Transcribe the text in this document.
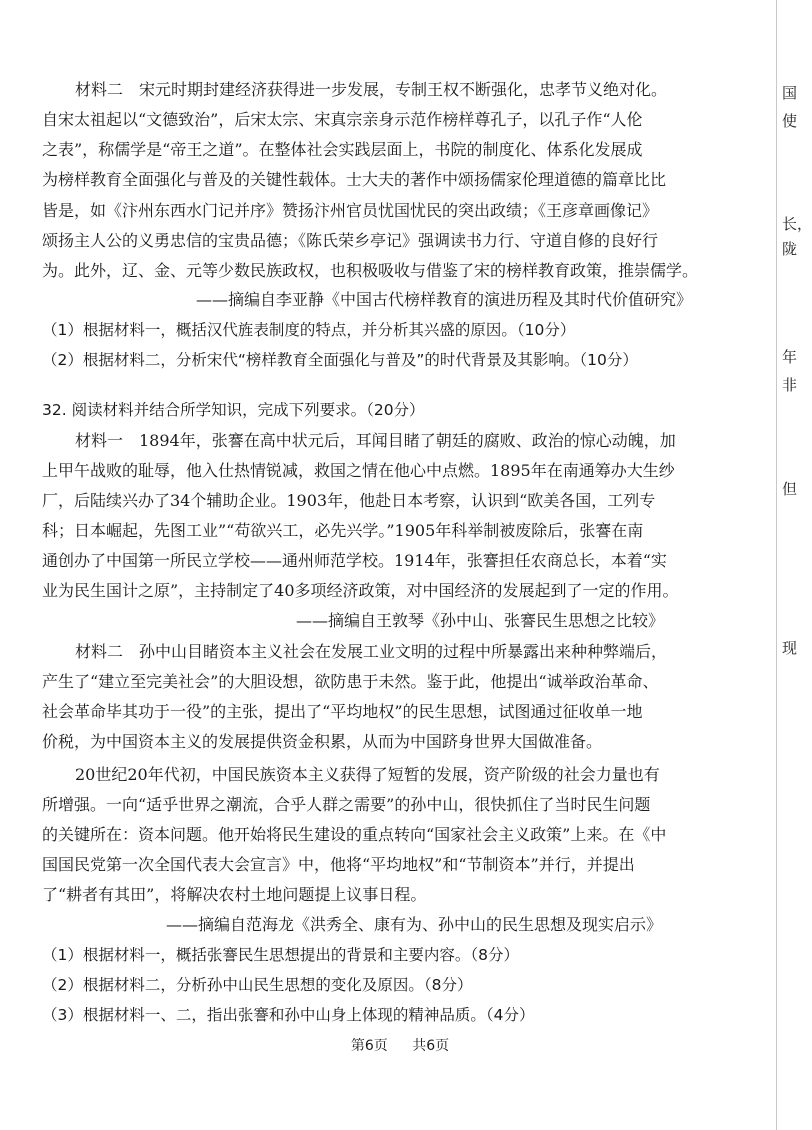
材料二　宋元时期封建经济获得进一步发展，专制王权不断强化，忠孝节义绝对化。
自宋太祖起以“文德致治”，后宋太宗、宋真宗亲身示范作榜样尊孔子，以孔子作“人伦
之表”，称儒学是“帝王之道”。在整体社会实践层面上，书院的制度化、体系化发展成
为榜样教育全面强化与普及的关键性载体。士大夫的著作中颂扬儒家伦理道德的篇章比比
皆是，如《汴州东西水门记并序》赞扬汴州官员忧国忧民的突出政绩；《王彦章画像记》
颂扬主人公的义勇忠信的宝贵品德；《陈氏荣乡亭记》强调读书力行、守道自修的良好行
为。此外，辽、金、元等少数民族政权，也积极吸收与借鉴了宋的榜样教育政策，推崇儒学。
——摘编自李亚静《中国古代榜样教育的演进历程及其时代价值研究》
（1）根据材料一，概括汉代旌表制度的特点，并分析其兴盛的原因。（10分）
（2）根据材料二，分析宋代“榜样教育全面强化与普及”的时代背景及其影响。（10分）
32. 阅读材料并结合所学知识，完成下列要求。（20分）
材料一　1894年，张謇在高中状元后，耳闻目睹了朝廷的腐败、政治的惊心动魄，加
上甲午战败的耻辱，他入仕热情锐减，救国之情在他心中点燃。1895年在南通筹办大生纱
厂，后陆续兴办了34个辅助企业。1903年，他赴日本考察，认识到“欧美各国，工列专
科；日本崛起，先图工业”“苟欲兴工，必先兴学。”1905年科举制被废除后，张謇在南
通创办了中国第一所民立学校——通州师范学校。1914年，张謇担任农商总长，本着“实
业为民生国计之原”，主持制定了40多项经济政策，对中国经济的发展起到了一定的作用。
——摘编自王敦琴《孙中山、张謇民生思想之比较》
材料二　孙中山目睹资本主义社会在发展工业文明的过程中所暴露出来种种弊端后，
产生了“建立至完美社会”的大胆设想，欲防患于未然。鉴于此，他提出“诚举政治革命、
社会革命毕其功于一役”的主张，提出了“平均地权”的民生思想，试图通过征收单一地
价税，为中国资本主义的发展提供资金积累，从而为中国跻身世界大国做准备。
20世纪20年代初，中国民族资本主义获得了短暂的发展，资产阶级的社会力量也有
所增强。一向“适乎世界之潮流，合乎人群之需要”的孙中山，很快抓住了当时民生问题
的关键所在：资本问题。他开始将民生建设的重点转向“国家社会主义政策”上来。在《中
国国民党第一次全国代表大会宣言》中，他将“平均地权”和“节制资本”并行，并提出
了“耕者有其田”，将解决农村土地问题提上议事日程。
——摘编自范海龙《洪秀全、康有为、孙中山的民生思想及现实启示》
（1）根据材料一，概括张謇民生思想提出的背景和主要内容。（8分）
（2）根据材料二，分析孙中山民生思想的变化及原因。（8分）
（3）根据材料一、二，指出张謇和孙中山身上体现的精神品质。（4分）
第6页 共6页
国
使
长，
陇
年
非
但
现
